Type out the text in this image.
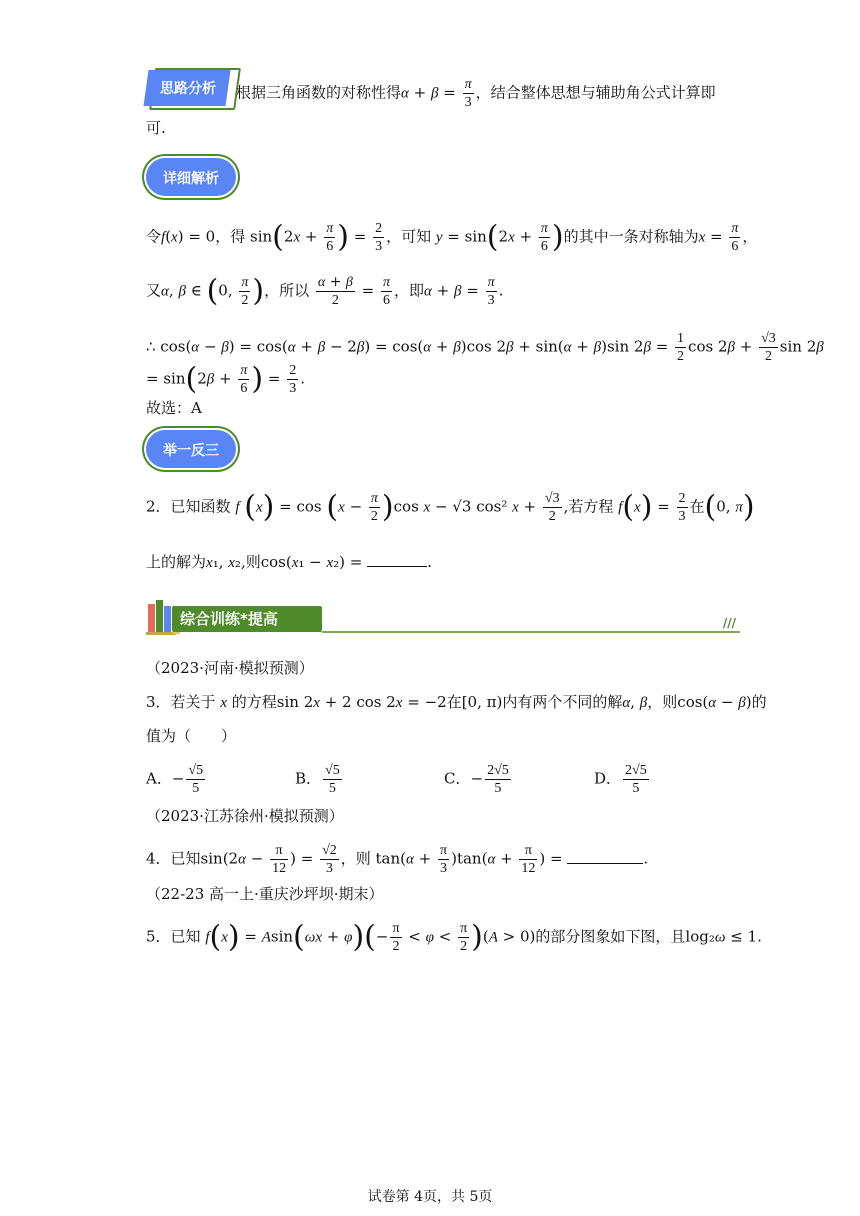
思路分析	根据三角函数的对称性得$\alpha + \beta = \frac{\pi}{3}$ ，结合整体思想与辅助角公式计算即
可.
详细解析
令f(x) = 0，得 $\sin(2x + \frac{\pi}{6}$ ) = $\frac{2}{3}$ ，可知 $y = \sin(2x + \frac{\pi}{6}$ )的其中一条对称轴为$x = \frac{\pi}{6}$ ，
又α, β ∈ (0, $\frac{\pi}{2}$ )，所以 $\frac{\alpha + \beta}{2} = \frac{\pi}{6}$ ，即$\alpha + \beta = \frac{\pi}{3}$ .
∴ cos(α − β) = cos(α + β − 2β) = cos(α + β)cos 2β + sin(α + β)sin $2\beta = \frac{1}{2}$ $\cos 2\beta + \frac{√3}{2}$ sin 2β
= $\sin(2\beta + \frac{\pi}{6}$ ) = $\frac{2}{3}$ .
故选：A
举一反三
2．已知函数 f $(x) = \cos (x - \frac{\pi}{2} )\cos$ x − √3 cos² $x + \frac{√3}{2}$ ,若方程 $f(x) = \frac{2}{3}$ 在(0, π)
上的解为x₁, x₂,则cos(x₁ − x₂) =	.
综合训练*提高	///
（2023·河南·模拟预测）
3．若关于 x 的方程sin 2x + 2 cos 2x = −2在[0, π)内有两个不同的解α, β，则cos(α − β)的
值为（　　）
A．− $\frac{√5}{5}$	B． $\frac{√5}{5}$	C．− $\frac{2√5}{5}$	D． $\frac{2√5}{5}$
（2023·江苏徐州·模拟预测）
4．已知$\sin(2\alpha - \frac{\pi}{12}$ ) = $\frac{√2}{3}$ ，则 $\tan(\alpha + \frac{\pi}{3} )\tan(\alpha + \frac{\pi}{12}$ ) =	.
（22-23 高一上·重庆沙坪坝·期末）
5．已知 $f(x) = Asin(\omega x + \varphi)(- \frac{\pi}{2} < \varphi < \frac{\pi}{2} )(A > 0)$的部分图象如下图，且log₂ω ≤ 1.
试卷第 4页，共 5页
